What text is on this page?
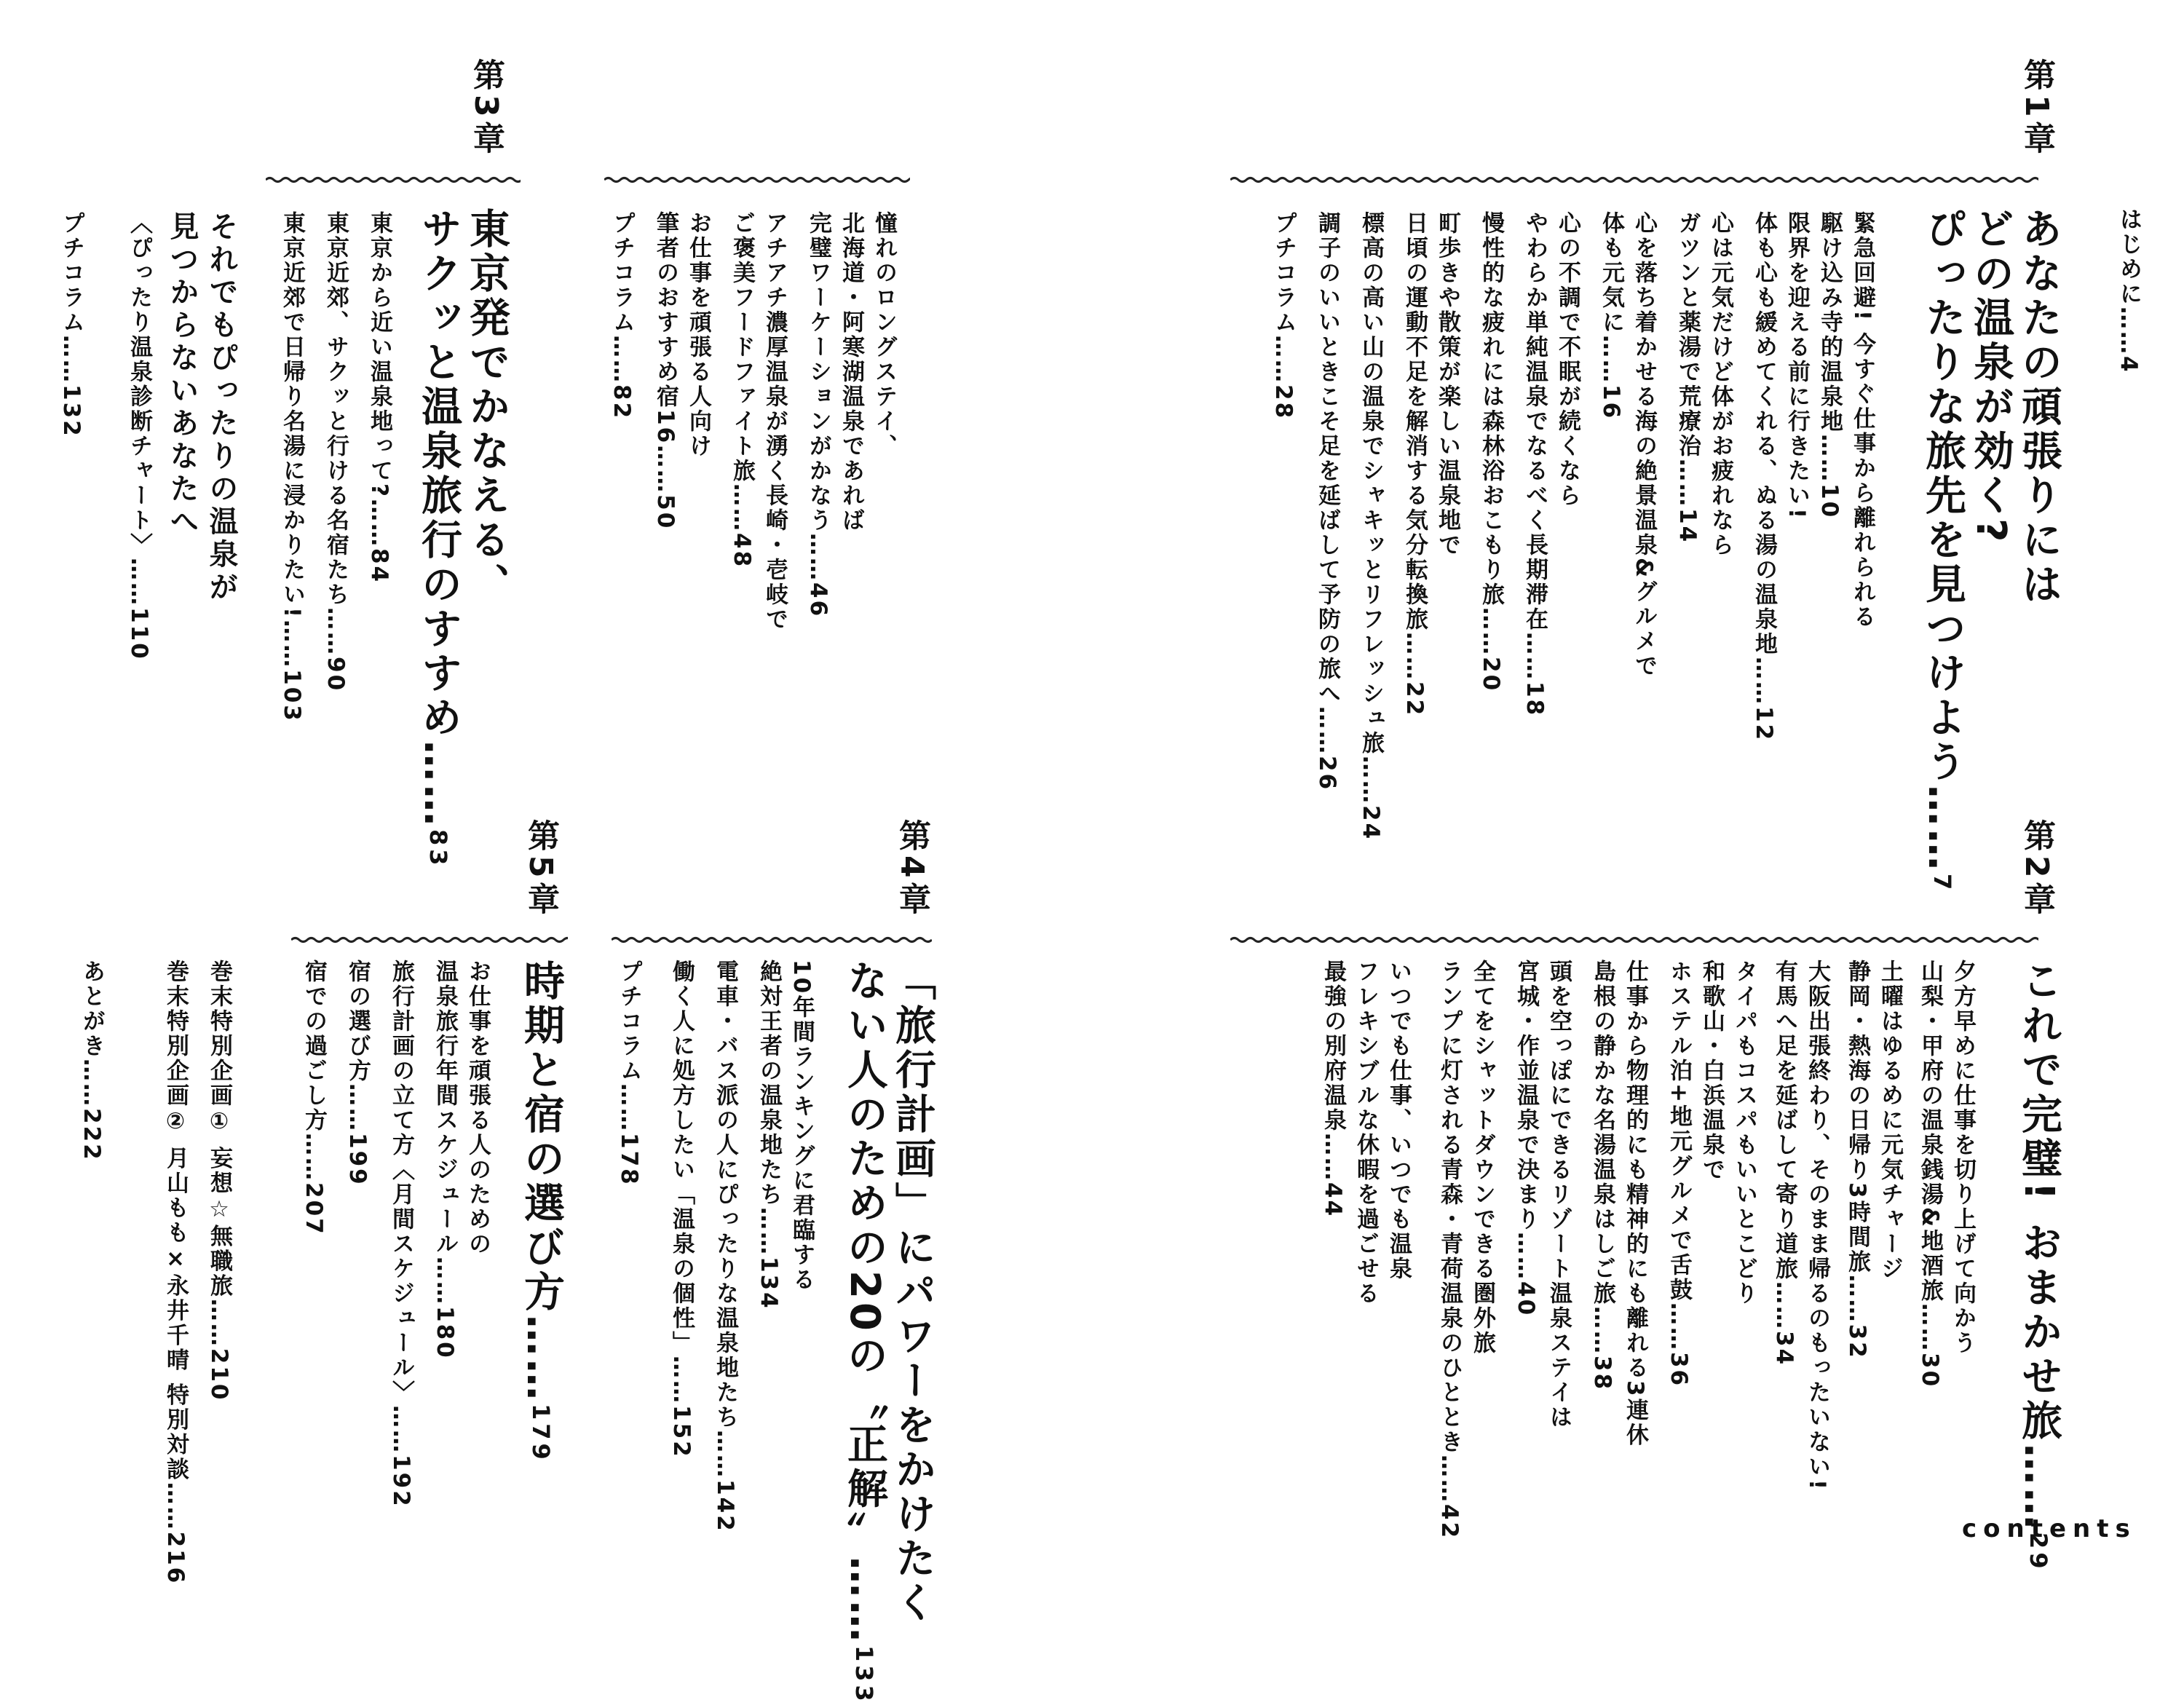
第1章
はじめに……4
あなたの頑張りには
どの温泉が効く?
ぴったりな旅先を見つけよう……7
緊急回避! 今すぐ仕事から離れられる
駆け込み寺的温泉地……10
限界を迎える前に行きたい!
体も心も緩めてくれる、ぬる湯の温泉地……12
心は元気だけど体がお疲れなら
ガツンと薬湯で荒療治……14
心を落ち着かせる海の絶景温泉&グルメで
体も元気に……16
心の不調で不眠が続くなら
やわらか単純温泉でなるべく長期滞在……18
慢性的な疲れには森林浴おこもり旅……20
町歩きや散策が楽しい温泉地で
日頃の運動不足を解消する気分転換旅……22
標高の高い山の温泉でシャキッとリフレッシュ旅……24
調子のいいときこそ足を延ばして予防の旅へ……26
プチコラム……28
第2章
これで完璧! おまかせ旅……29
夕方早めに仕事を切り上げて向かう
山梨・甲府の温泉銭湯&地酒旅……30
土曜はゆるめに元気チャージ
静岡・熱海の日帰り3時間旅……32
大阪出張終わり、そのまま帰るのもったいない!
有馬へ足を延ばして寄り道旅……34
タイパもコスパもいいとこどり
和歌山・白浜温泉で
ホステル泊+地元グルメで舌鼓……36
仕事から物理的にも精神的にも離れる3連休
島根の静かな名湯温泉はしご旅……38
頭を空っぽにできるリゾート温泉ステイは
宮城・作並温泉で決まり……40
全てをシャットダウンできる圏外旅
ランプに灯される青森・青荷温泉のひととき……42
いつでも仕事、いつでも温泉
フレキシブルな休暇を過ごせる
最強の別府温泉……44
contents
憧れのロングステイ、
北海道・阿寒湖温泉であれば
完璧ワーケーションがかなう……46
アチアチ濃厚温泉が湧く長崎・壱岐で
ご褒美フードファイト旅……48
お仕事を頑張る人向け
筆者のおすすめ宿16……50
プチコラム……82
第3章
東京発でかなえる、
サクッと温泉旅行のすすめ……83
東京から近い温泉地って?……84
東京近郊、サクッと行ける名宿たち……90
東京近郊で日帰り名湯に浸かりたい!……103
それでもぴったりの温泉が
見つからないあなたへ
〈ぴったり温泉診断チャート〉……110
プチコラム……132
第4章
「旅行計画」にパワーをかけたく
ない人のための20の〝正解〟……133
10年間ランキングに君臨する
絶対王者の温泉地たち……134
電車・バス派の人にぴったりな温泉地たち……142
働く人に処方したい「温泉の個性」……152
プチコラム……178
第5章
時期と宿の選び方……179
お仕事を頑張る人のための
温泉旅行年間スケジュール……180
旅行計画の立て方〈月間スケジュール〉……192
宿の選び方……199
宿での過ごし方……207
巻末特別企画① 妄想☆無職旅……210
巻末特別企画② 月山もも×永井千晴 特別対談……216
あとがき……222
